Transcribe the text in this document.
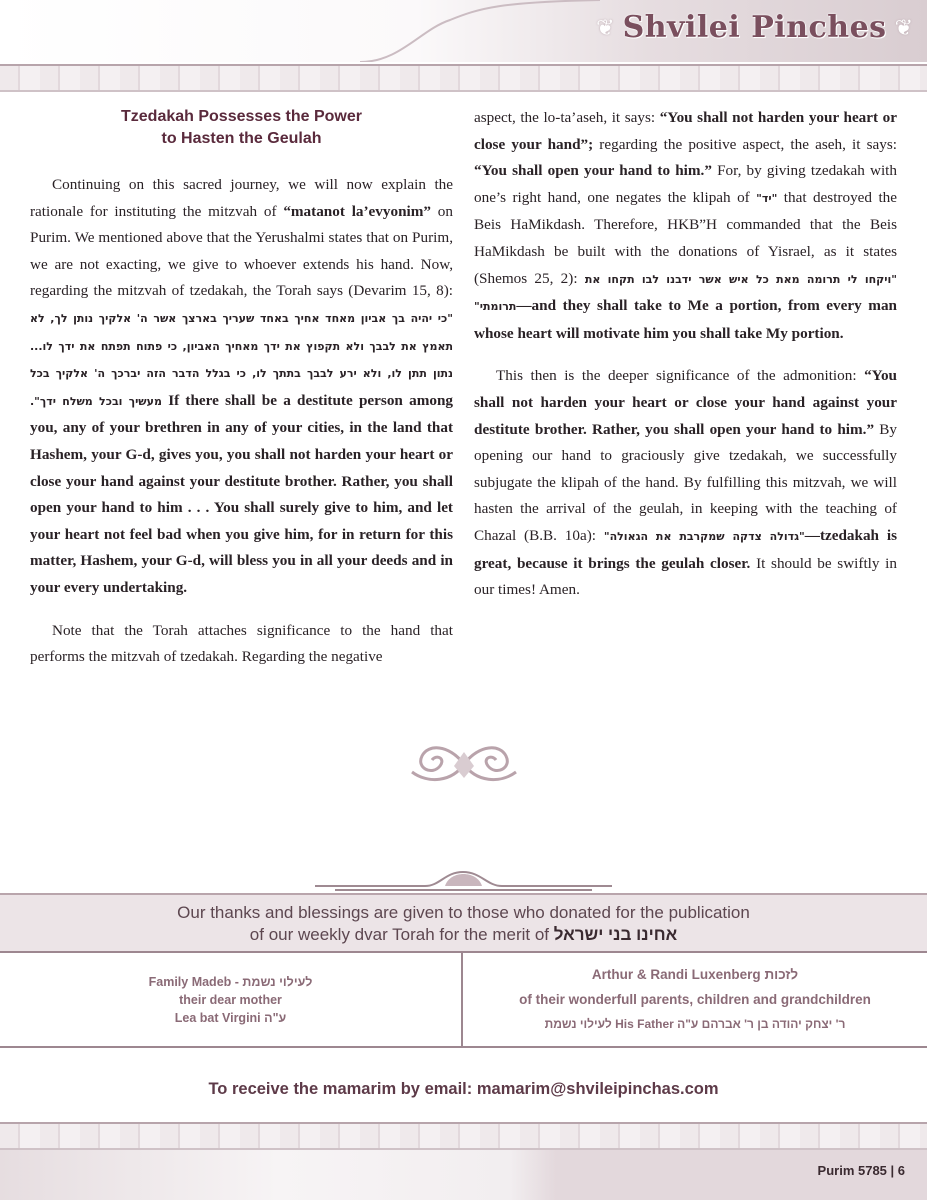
❦ Shvilei Pinches ❦
Tzedakah Possesses the Power
to Hasten the Geulah

Continuing on this sacred journey, we will now explain the rationale for instituting the mitzvah of “matanot la’evyonim” on Purim. We mentioned above that the Yerushalmi states that on Purim, we are not exacting, we give to whoever extends his hand. Now, regarding the mitzvah of tzedakah, the Torah says (Devarim 15, 8): "כי יהיה בך אביון מאחד אחיך באחד שעריך בארצך אשר ה' אלקיך נותן לך, לא תאמץ את לבבך ולא תקפוץ את ידך מאחיך האביון, כי פתוח תפתח את ידך לו... נתון תתן לו, ולא ירע לבבך בתתך לו, כי בגלל הדבר הזה יברכך ה' אלקיך בכל מעשיך ובכל משלח ידך". If there shall be a destitute person among you, any of your brethren in any of your cities, in the land that Hashem, your G-d, gives you, you shall not harden your heart or close your hand against your destitute brother. Rather, you shall open your hand to him . . . You shall surely give to him, and let your heart not feel bad when you give him, for in return for this matter, Hashem, your G-d, will bless you in all your deeds and in your every undertaking.

Note that the Torah attaches significance to the hand that performs the mitzvah of tzedakah. Regarding the negative

aspect, the lo-ta’aseh, it says: “You shall not harden your heart or close your hand”; regarding the positive aspect, the aseh, it says: “You shall open your hand to him.” For, by giving tzedakah with one’s right hand, one negates the klipah of "יד" that destroyed the Beis HaMikdash. Therefore, HKB”H commanded that the Beis HaMikdash be built with the donations of Yisrael, as it states (Shemos 25, 2): "ויקחו לי תרומה מאת כל איש אשר ידבנו לבו תקחו את תרומתי"—and they shall take to Me a portion, from every man whose heart will motivate him you shall take My portion.

This then is the deeper significance of the admonition: “You shall not harden your heart or close your hand against your destitute brother. Rather, you shall open your hand to him.” By opening our hand to graciously give tzedakah, we successfully subjugate the klipah of the hand. By fulfilling this mitzvah, we will hasten the arrival of the geulah, in keeping with the teaching of Chazal (B.B. 10a): "גדולה צדקה שמקרבת את הגאולה"—tzedakah is great, because it brings the geulah closer. It should be swiftly in our times! Amen.

Our thanks and blessings are given to those who donated for the publication
of our weekly dvar Torah for the merit of אחינו בני ישראל
Family Madeb - לעילוי נשמת
their dear mother
Lea bat Virgini ע"ה
Arthur & Randi Luxenberg לזכות
of their wonderfull parents, children and grandchildren
לעילוי נשמת His Father ר' יצחק יהודה בן ר' אברהם ע"ה
To receive the mamarim by email: mamarim@shvileipinchas.com
Purim 5785 | 6
